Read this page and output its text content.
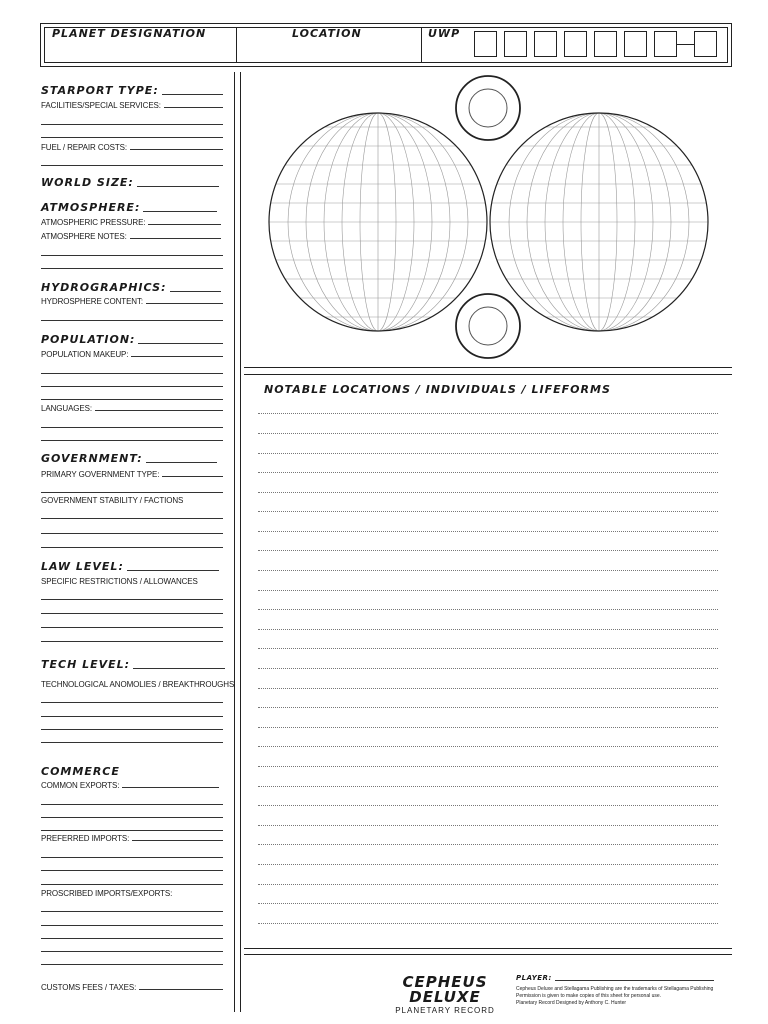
PLANET DESIGNATION	LOCATION	UWP
STARPORT TYPE:
FACILITIES/SPECIAL SERVICES:
FUEL / REPAIR COSTS:
WORLD SIZE:
ATMOSPHERE:
ATMOSPHERIC PRESSURE:
ATMOSPHERE NOTES:
HYDROGRAPHICS:
HYDROSPHERE CONTENT:
POPULATION:
POPULATION MAKEUP:
LANGUAGES:
GOVERNMENT:
PRIMARY GOVERNMENT TYPE:
GOVERNMENT STABILITY / FACTIONS
LAW LEVEL:
SPECIFIC RESTRICTIONS / ALLOWANCES
TECH LEVEL:
TECHNOLOGICAL ANOMOLIES / BREAKTHROUGHS
COMMERCE
COMMON EXPORTS:
PREFERRED IMPORTS:
PROSCRIBED IMPORTS/EXPORTS:
CUSTOMS FEES / TAXES:
NOTABLE LOCATIONS / INDIVIDUALS / LIFEFORMS
CEPHEUS
DELUXE
PLANETARY RECORD
PLAYER:
Cepheus Deluxe and Stellagama Publishing are the trademarks of Stellagama Publishing
Permission is given to make copies of this sheet for personal use.
Planetary Record Designed by Anthony C. Hunter
